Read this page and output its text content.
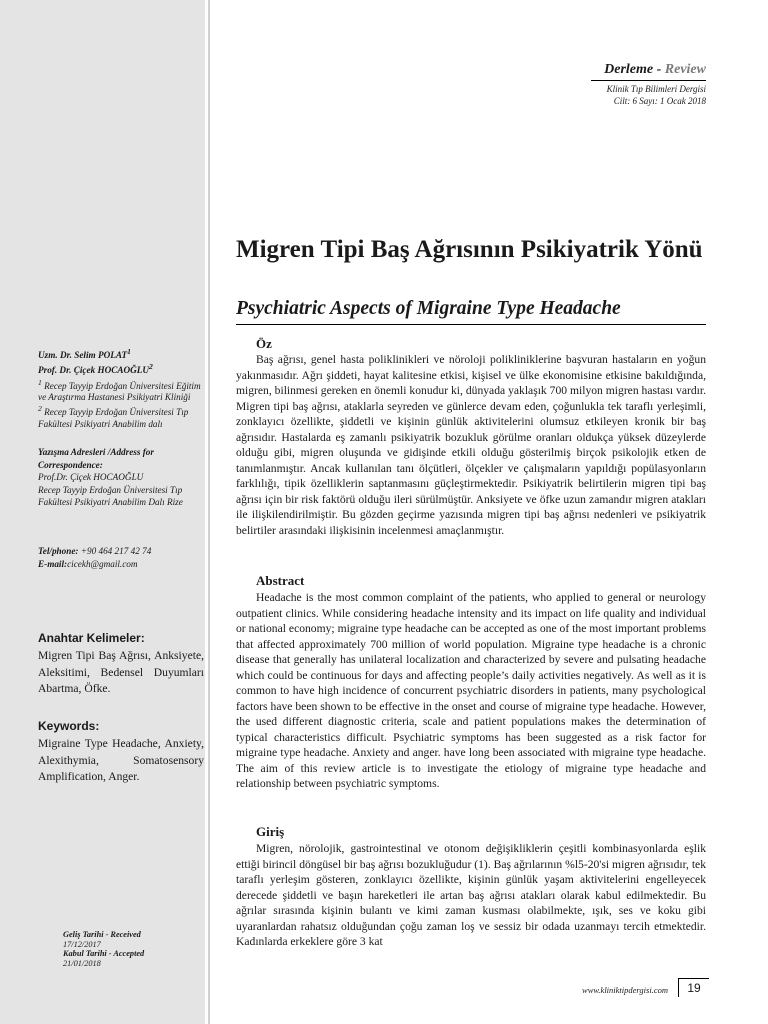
Derleme - Review
Klinik Tıp Bilimleri Dergisi
Cilt: 6 Sayı: 1 Ocak 2018
Migren Tipi Baş Ağrısının Psikiyatrik Yönü
Psychiatric Aspects of Migraine Type Headache
Uzm. Dr. Selim POLAT$^1$
Prof. Dr. Çiçek HOCAOĞLU$^2$
$^1$ Recep Tayyip Erdoğan Üniversitesi Eğitim ve Araştırma Hastanesi Psikiyatri Kliniği
$^2$ Recep Tayyip Erdoğan Üniversitesi Tıp Fakültesi Psikiyatri Anabilim dalı
Yazışma Adresleri /Address for Correspondence:
Prof.Dr. Çiçek HOCAOĞLU
Recep Tayyip Erdoğan Üniversitesi Tıp Fakültesi Psikiyatri Anabilim Dalı Rize
Tel/phone: +90 464 217 42 74
E-mail:cicekh@gmail.com
Anahtar Kelimeler:
Migren Tipi Baş Ağrısı, Anksiyete, Aleksitimi, Bedensel Duyumları Abartma, Öfke.
Keywords:
Migraine Type Headache, Anxiety, Alexithymia, Somatosensory Amplification, Anger.
Geliş Tarihi - Received
17/12/2017
Kabul Tarihi - Accepted
21/01/2018
Öz

Baş ağrısı, genel hasta poliklinikleri ve nöroloji polikliniklerine başvuran hastaların en yoğun yakınmasıdır. Ağrı şiddeti, hayat kalitesine etkisi, kişisel ve ülke ekonomisine etkisine bakıldığında, migren, bilinmesi gereken en önemli konudur ki, dünyada yaklaşık 700 milyon migren hastası vardır. Migren tipi baş ağrısı, ataklarla seyreden ve günlerce devam eden, çoğunlukla tek taraflı yerleşimli, zonklayıcı özellikte, şiddetli ve kişinin günlük aktivitelerini olumsuz etkileyen kronik bir baş ağrısıdır. Hastalarda eş zamanlı psikiyatrik bozukluk görülme oranları oldukça yüksek düzeylerde olduğu gibi, migren oluşunda ve gidişinde etkili olduğu gösterilmiş birçok psikolojik etken de tanımlanmıştır. Ancak kullanılan tanı ölçütleri, ölçekler ve çalışmaların yapıldığı popülasyonların farklılığı, tipik özelliklerin saptanmasını güçleştirmektedir. Psikiyatrik belirtilerin migren tipi baş ağrısı için bir risk faktörü olduğu ileri sürülmüştür. Anksiyete ve öfke uzun zamandır migren atakları ile ilişkilendirilmiştir. Bu gözden geçirme yazısında migren tipi baş ağrısı nedenleri ve psikiyatrik belirtiler arasındaki ilişkisinin incelenmesi amaçlanmıştır.

Abstract

Headache is the most common complaint of the patients, who applied to general or neurology outpatient clinics. While considering headache intensity and its impact on life quality and individual or national economy; migraine type headache can be accepted as one of the most important problems that affected approximately 700 million of world population. Migraine type headache is a chronic disease that generally has unilateral localization and characterized by severe and pulsating headache which could be continuous for days and affecting people’s daily activities negatively. As well as it is common to have high incidence of concurrent psychiatric disorders in patients, many psychological factors have been shown to be effective in the onset and course of migraine type headache. However, the used different diagnostic criteria, scale and patient populations makes the determination of typical characteristics difficult. Psychiatric symptoms has been suggested as a risk factor for migraine type headache. Anxiety and anger. have long been associated with migraine type headache. The aim of this review article is to investigate the etiology of migraine type headache and relationship between psychiatric symptoms.

Giriş

Migren, nörolojik, gastrointestinal ve otonom değişikliklerin çeşitli kombinasyonlarda eşlik ettiği birincil döngüsel bir baş ağrısı bozukluğudur (1). Baş ağrılarının %l5-20'si migren ağrısıdır, tek taraflı yerleşim gösteren, zonklayıcı özellikte, kişinin günlük yaşam aktivitelerini engelleyecek derecede şiddetli ve başın hareketleri ile artan baş ağrısı atakları olarak kabul edilmektedir. Bu ağrılar sırasında kişinin bulantı ve kimi zaman kusması olabilmekte, ışık, ses ve koku gibi uyaranlardan rahatsız olduğundan çoğu zaman loş ve sessiz bir odada uzanmayı tercih etmektedir. Kadınlarda erkeklere göre 3 kat

www.kliniktipdergisi.com	19
